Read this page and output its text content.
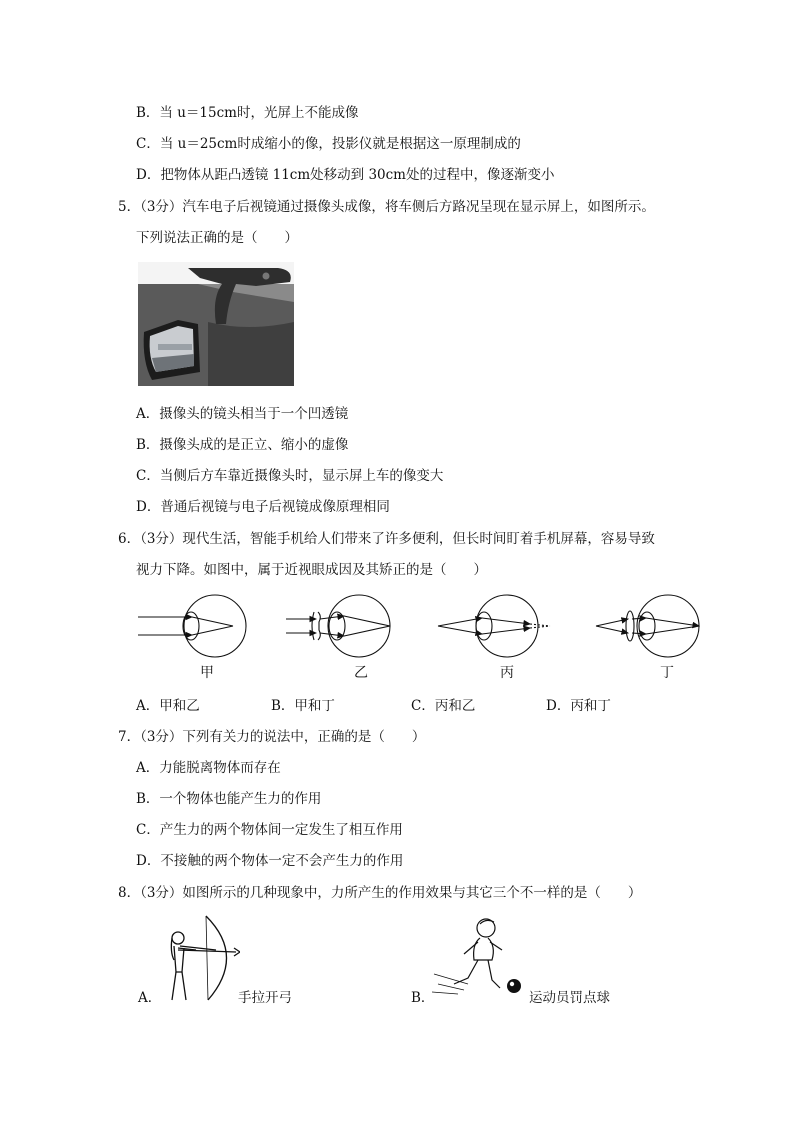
B．当 u＝15cm时，光屏上不能成像
C．当 u＝25cm时成缩小的像，投影仪就是根据这一原理制成的
D．把物体从距凸透镜 11cm处移动到 30cm处的过程中，像逐渐变小
5．（3分）汽车电子后视镜通过摄像头成像，将车侧后方路况呈现在显示屏上，如图所示。
下列说法正确的是（　　）
A．摄像头的镜头相当于一个凹透镜
B．摄像头成的是正立、缩小的虚像
C．当侧后方车靠近摄像头时，显示屏上车的像变大
D．普通后视镜与电子后视镜成像原理相同
6．（3分）现代生活，智能手机给人们带来了许多便利，但长时间盯着手机屏幕，容易导致
视力下降。如图中，属于近视眼成因及其矫正的是（　　）
甲	乙	丙	丁
A．甲和乙	B．甲和丁	C．丙和乙	D．丙和丁
7．（3分）下列有关力的说法中，正确的是（　　）
A．力能脱离物体而存在
B．一个物体也能产生力的作用
C．产生力的两个物体间一定发生了相互作用
D．不接触的两个物体一定不会产生力的作用
8．（3分）如图所示的几种现象中，力所产生的作用效果与其它三个不一样的是（　　）
A．	手拉开弓	B．	运动员罚点球
